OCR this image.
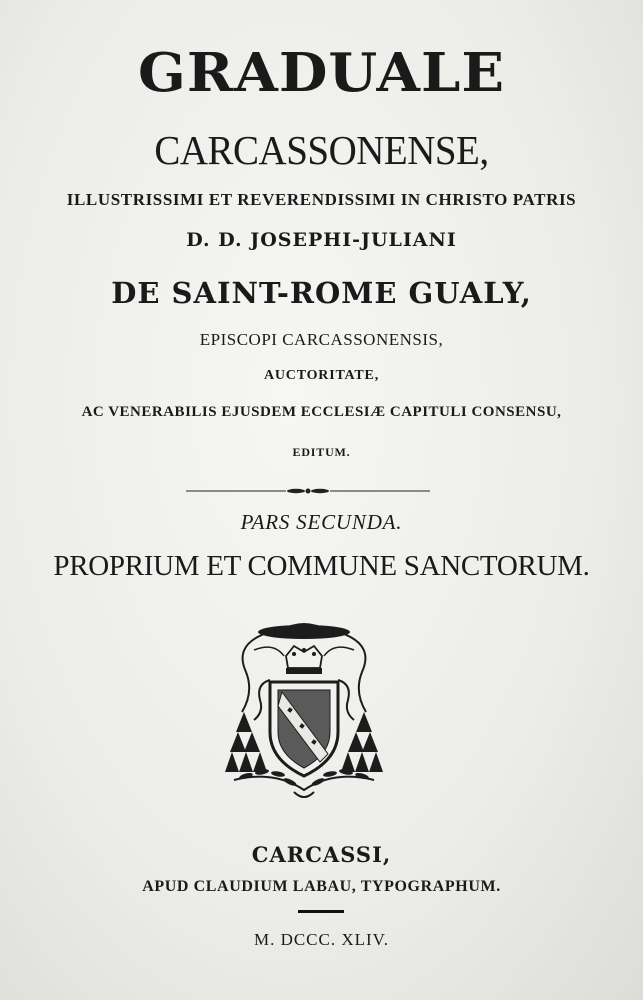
GRADUALE
CARCASSONENSE,
ILLUSTRISSIMI ET REVERENDISSIMI IN CHRISTO PATRIS
D. D. JOSEPHI-JULIANI
DE SAINT-ROME GUALY,
EPISCOPI CARCASSONENSIS,
AUCTORITATE,
AC VENERABILIS EJUSDEM ECCLESIÆ CAPITULI CONSENSU,
EDITUM.
PARS SECUNDA.
PROPRIUM ET COMMUNE SANCTORUM.
CARCASSI,
APUD CLAUDIUM LABAU, TYPOGRAPHUM.
M. DCCC. XLIV.
